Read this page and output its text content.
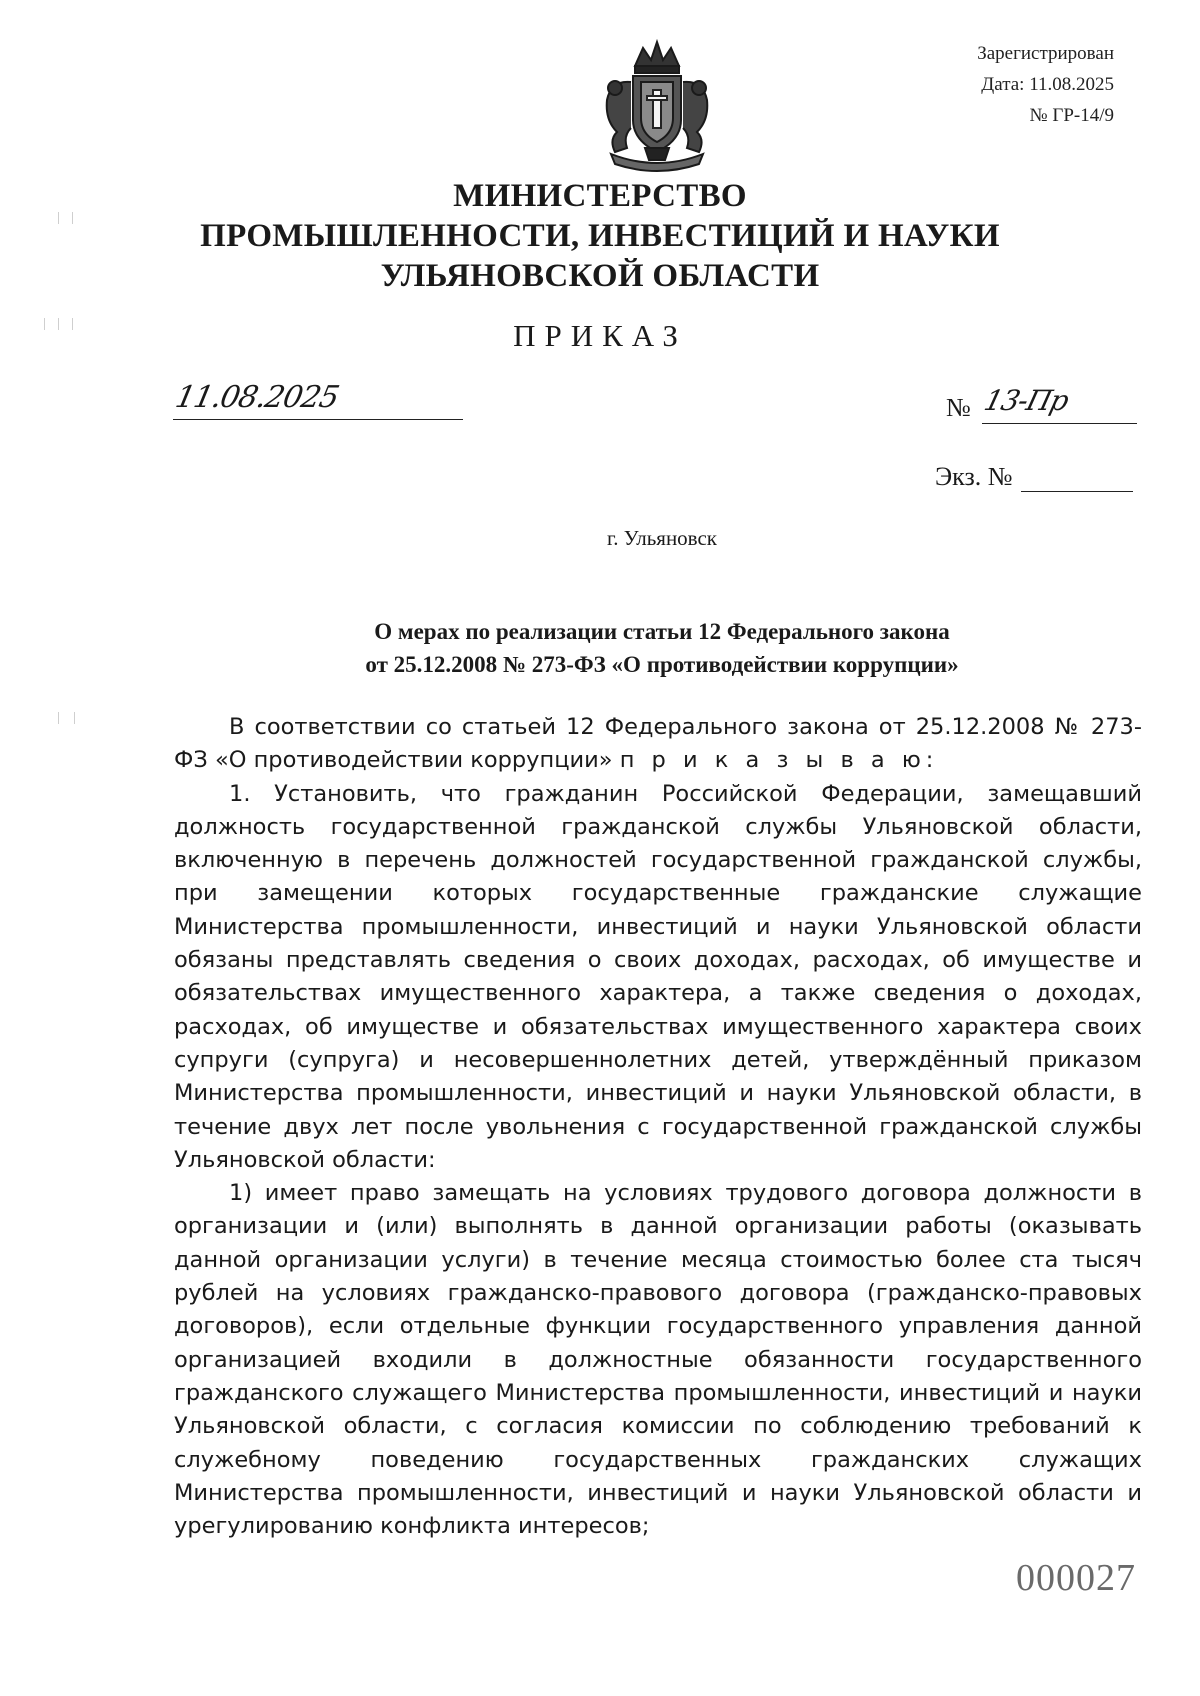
Зарегистрирован
Дата: 11.08.2025
№ ГР-14/9
МИНИСТЕРСТВО
ПРОМЫШЛЕННОСТИ, ИНВЕСТИЦИЙ И НАУКИ
УЛЬЯНОВСКОЙ ОБЛАСТИ
ПРИКАЗ
11.08.2025	№ 13-Пр
Экз. №
г. Ульяновск
О мерах по реализации статьи 12 Федерального закона
от 25.12.2008 № 273-ФЗ «О противодействии коррупции»

В соответствии со статьей 12 Федерального закона от 25.12.2008 № 273-ФЗ «О противодействии коррупции» п р и к а з ы в а ю:

1. Установить, что гражданин Российской Федерации, замещавший должность государственной гражданской службы Ульяновской области, включенную в перечень должностей государственной гражданской службы, при замещении которых государственные гражданские служащие Министерства промышленности, инвестиций и науки Ульяновской области обязаны представлять сведения о своих доходах, расходах, об имуществе и обязательствах имущественного характера, а также сведения о доходах, расходах, об имуществе и обязательствах имущественного характера своих супруги (супруга) и несовершеннолетних детей, утверждённый приказом Министерства промышленности, инвестиций и науки Ульяновской области, в течение двух лет после увольнения с государственной гражданской службы Ульяновской области:

1) имеет право замещать на условиях трудового договора должности в организации и (или) выполнять в данной организации работы (оказывать данной организации услуги) в течение месяца стоимостью более ста тысяч рублей на условиях гражданско-правового договора (гражданско-правовых договоров), если отдельные функции государственного управления данной организацией входили в должностные обязанности государственного гражданского служащего Министерства промышленности, инвестиций и науки Ульяновской области, с согласия комиссии по соблюдению требований к служебному поведению государственных гражданских служащих Министерства промышленности, инвестиций и науки Ульяновской области и урегулированию конфликта интересов;

000027
